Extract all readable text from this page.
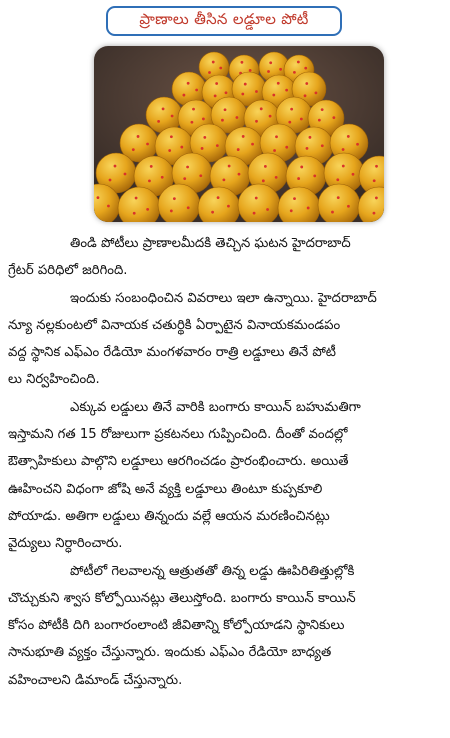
ప్రాణాలు తీసిన లడ్డూల పోటీ
తిండి పోటీలు ప్రాణాలమీదకి తెచ్చిన ఘటన హైదరాబాద్
గ్రేటర్ పరిధిలో జరిగింది.
ఇందుకు సంబంధించిన వివరాలు ఇలా ఉన్నాయి. హైదరాబాద్
న్యూ నల్లకుంటలో వినాయక చతుర్థికి ఏర్పాటైన వినాయకమండపం
వద్ద స్థానిక ఎఫ్ఎం రేడియో మంగళవారం రాత్రి లడ్డూలు తినే పోటీ
లు నిర్వహించింది.
ఎక్కువ లడ్డులు తినే వారికి బంగారు కాయిన్ బహుమతిగా
ఇస్తామని గత 15 రోజులుగా ప్రకటనలు గుప్పించింది. దీంతో వందల్లో
ఔత్సాహికులు పాల్గొని లడ్డూలు ఆరగించడం ప్రారంభించారు. అయితే
ఊహించని విధంగా జోషి అనే వ్యక్తి లడ్డూలు తింటూ కుప్పకూలి
పోయాడు. అతిగా లడ్డులు తిన్నందు వల్లే ఆయన మరణించినట్లు
వైద్యులు నిర్ధారించారు.
పోటీలో గెలవాలన్న ఆత్రుతతో తిన్న లడ్డు ఊపిరితిత్తుల్లోకి
చొచ్చుకుని శ్వాస కోల్పోయినట్లు తెలుస్తోంది. బంగారు కాయిన్ కాయిన్
కోసం పోటీకి దిగి బంగారంలాంటి జీవితాన్ని కోల్పోయాడని స్థానికులు
సానుభూతి వ్యక్తం చేస్తున్నారు. ఇందుకు ఎఫ్ఎం రేడియో బాధ్యత
వహించాలని డిమాండ్ చేస్తున్నారు.
